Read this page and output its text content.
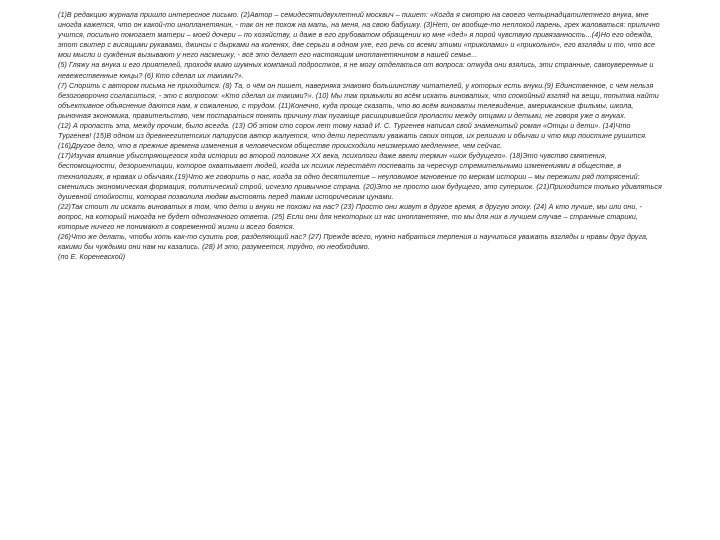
(1)В редакцию журнала пришло интересное письмо. (2)Автор – семидесятидвухлетний москвич – пишет: «Когда я смотрю на своего четырнадцатилетнего внука, мне иногда кажется, что он какой-то инопланетянин, - так он не похож на мать, на меня, на свою бабушку. (3)Нет, он вообще-то неплохой парень, грех жаловаться: прилично учится, посильно помогает матери – моей дочери – по хозяйству, и даже в его грубоватом обращении ко мне «дед» я порой чувствую привязанность...(4)Но его одежда, этот свитер с висящими рукавами, джинсы с дырками на коленях, две серьги в одном ухе, его речь со всеми этими «приколами» и «прикольно», его взгляды и то, что все мои мысли и суждения вызывают у него насмешку, - всё это делает его настоящим инопланетянином в нашей семье...

(5) Гляжу на внука и его приятелей, проходя мимо шумных компаний подростков, я не могу отделаться от вопроса: откуда они взялись, эти странные, самоуверенные и невежественные юнцы? (6) Кто сделал их такими?».

(7) Спорить с автором письма не приходится. (8) Та, о чём он пишет, наверняка знакомо большинству читателей, у которых есть внуки.(9) Единственное, с чем нельзя безоговорочно согласиться, - это с вопросом: «Кто сделал их такими?». (10) Мы так привыкли во всём искать виноватых, что спокойный взгляд на вещи, попытка найти объективное объяснение даются нам, к сожалению, с трудом. (11)Конечно, куда проще сказать, что во всём виноваты телевидение, американские фильмы, школа, рыночная экономика, правительство, чем постараться понять причину так пугающе расширившейся пропасти между отцами и детьми, не говоря уже о внуках.

(12) А пропасть эта, между прочим, было всегда. (13) Об этом сто сорок лет тому назад И. С. Тургенев написал свой знаменитый роман «Отцы и дети». (14)Что Тургенев! (15)В одном из древнеегипетских папирусов автор жалуется, что дети перестали уважать своих отцов, их религию и обычаи и что мир поистине рушится.

(16)Другое дело, что в прежние времена изменения в человеческом обществе происходили неизмеримо медленнее, чем сейчас.

(17)Изучая влияние убыстряющегося хода истории во второй половине XX века, психологи даже ввели термин «шок будущего». (18)Это чувство смятения, беспомощности, дезориентации, которое охватывает людей, когда их психик перестаёт поспевать за чересчур стремительными изменениями в обществе, в технологиях, в нравах и обычаях.(19)Что же говорить о нас, когда за одно десятилетие – неуловимое мгновение по меркам истории – мы пережили ряд потрясений: сменились экономическая формация, политический строй, исчезло привычное страна. (20)Это не просто шок будущего, это супершок. (21)Приходится только удивляться душевной стойкости, которая позволила людям выстоять перед таким историческим цунами.

(22)Так стоит ли искать виноватых в том, что дети и внуки не похожи на нас? (23) Просто они живут в другое время, в другую эпоху. (24) А кто лучше, мы или они, - вопрос, на который никогда не будет однозначного ответа. (25) Если они для некоторых из нас инопланетяне, то мы для них в лучшем случае – странные старики, которые ничего не понимают в современной жизни и всего боятся.

(26)Что же делать, чтобы хоть как-то сузить ров, разделяющий нас? (27) Прежде всего, нужно набраться терпения и научиться уважать взгляды и нравы друг друга, какими бы чуждыми они нам ни казались. (28) И это, разумеется, трудно, но необходимо.

(по Е. Кореневской)
